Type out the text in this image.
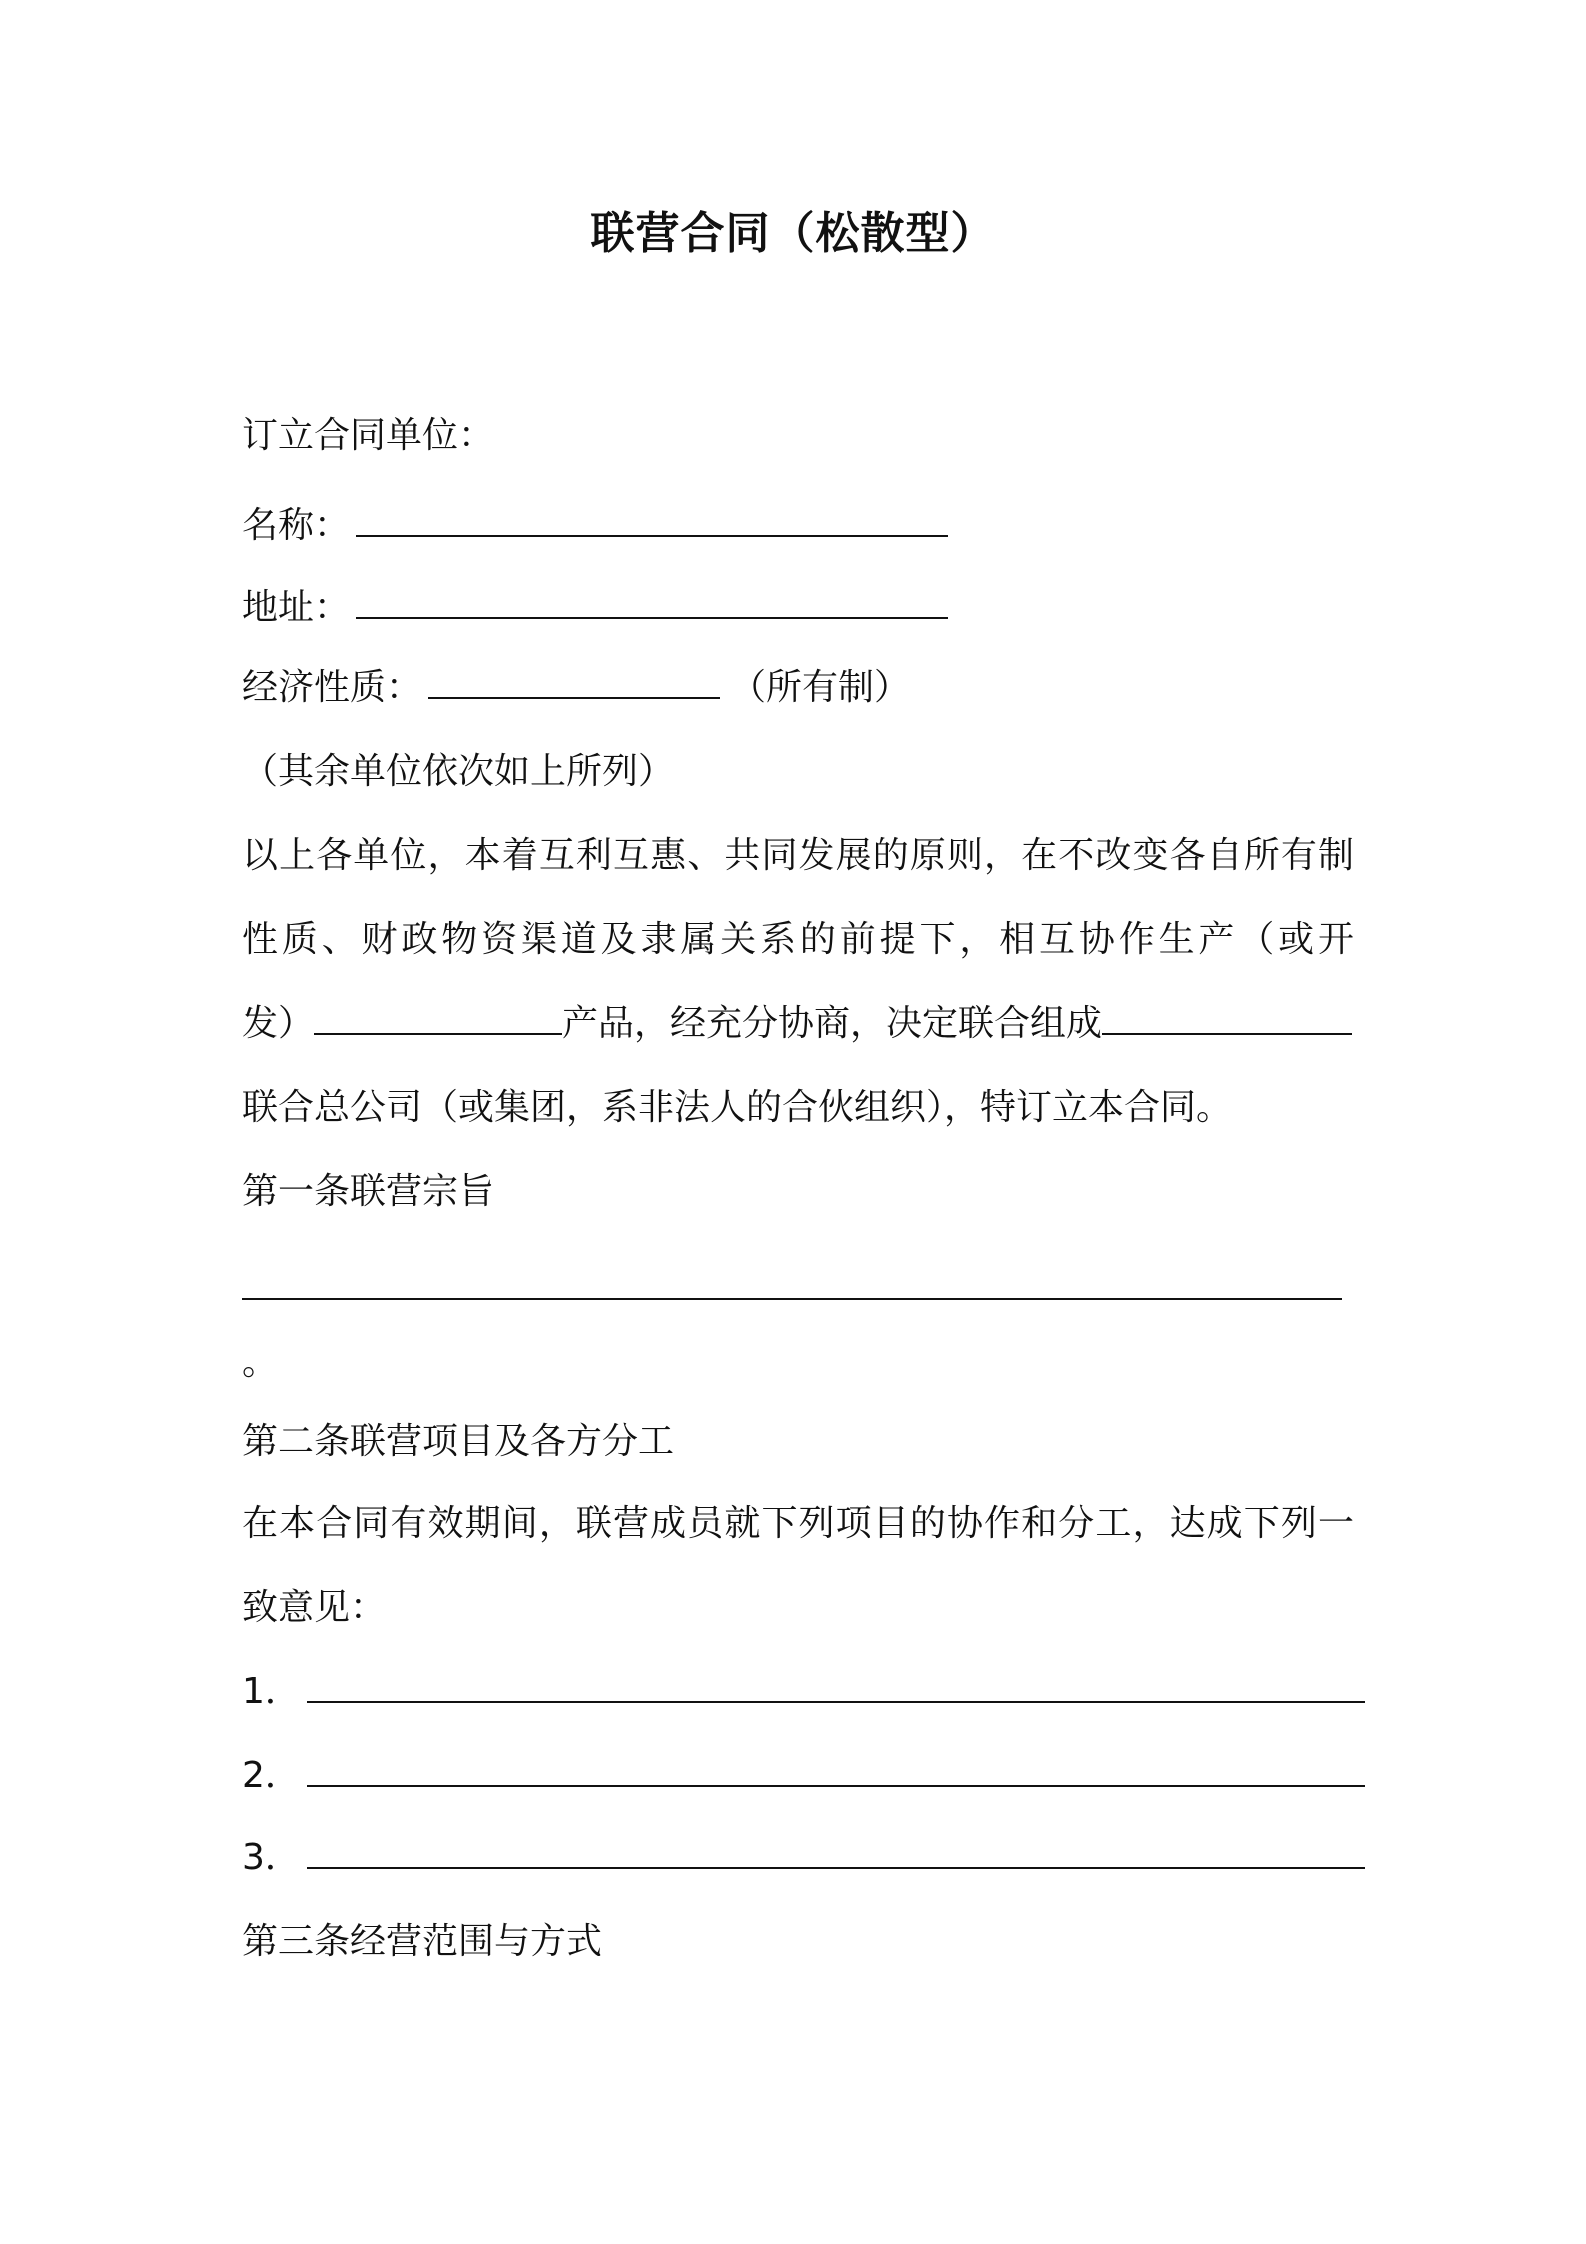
联营合同（松散型）
订立合同单位：
名称：
地址：
经济性质：	（所有制）
（其余单位依次如上所列）
以上各单位，本着互利互惠、共同发展的原则，在不改变各自所有制
性质、财政物资渠道及隶属关系的前提下，相互协作生产（或开
发）	产品，经充分协商，决定联合组成
联合总公司（或集团，系非法人的合伙组织），特订立本合同。
第一条联营宗旨
。
第二条联营项目及各方分工
在本合同有效期间，联营成员就下列项目的协作和分工，达成下列一
致意见：
1．
2．
3．
第三条经营范围与方式
